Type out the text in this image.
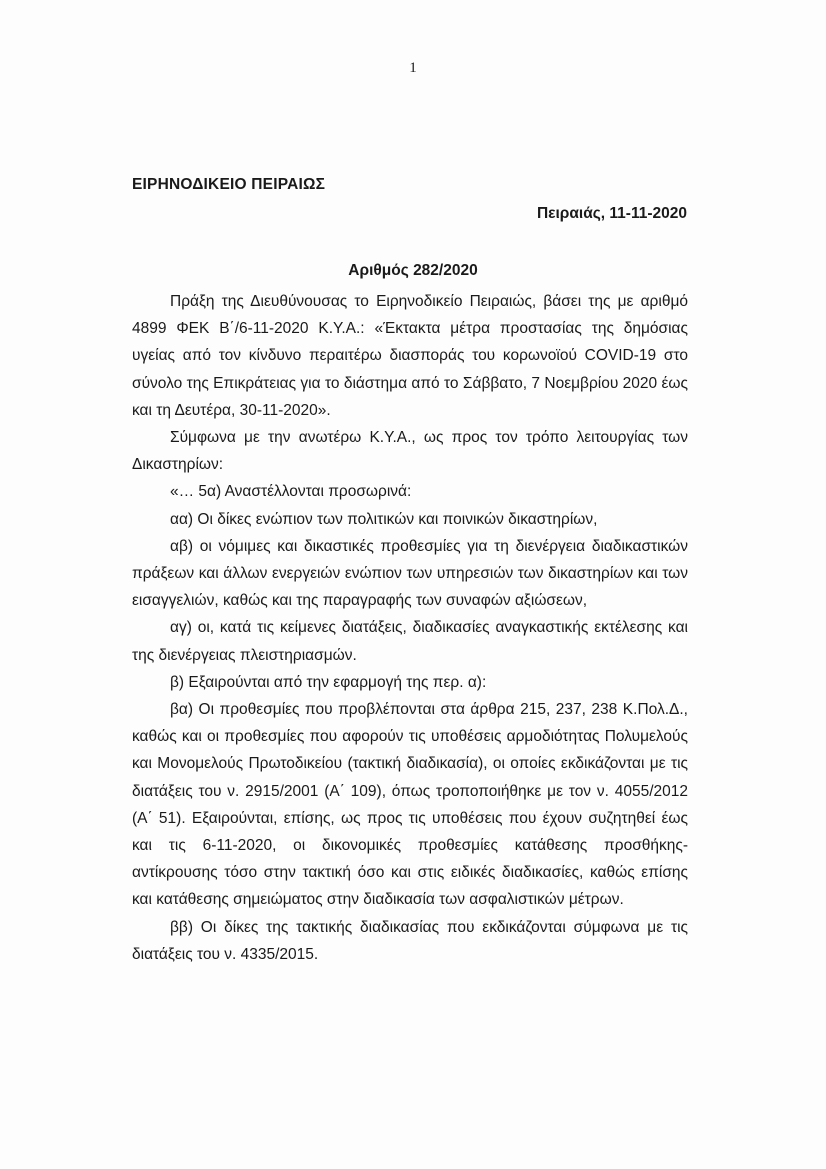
1
ΕΙΡΗΝΟΔΙΚΕΙΟ ΠΕΙΡΑΙΩΣ
Πειραιάς, 11-11-2020
Αριθμός 282/2020

Πράξη της Διευθύνουσας το Ειρηνοδικείο Πειραιώς, βάσει της με αριθμό 4899 ΦΕΚ Β΄/6-11-2020 Κ.Υ.Α.: «Έκτακτα μέτρα προστασίας της δημόσιας υγείας από τον κίνδυνο περαιτέρω διασποράς του κορωνοϊού COVID-19 στο σύνολο της Επικράτειας για το διάστημα από το Σάββατο, 7 Νοεμβρίου 2020 έως και τη Δευτέρα, 30-11-2020».

Σύμφωνα με την ανωτέρω Κ.Υ.Α., ως προς τον τρόπο λειτουργίας των Δικαστηρίων:

«… 5α) Αναστέλλονται προσωρινά:

αα) Οι δίκες ενώπιον των πολιτικών και ποινικών δικαστηρίων,

αβ) οι νόμιμες και δικαστικές προθεσμίες για τη διενέργεια διαδικαστικών πράξεων και άλλων ενεργειών ενώπιον των υπηρεσιών των δικαστηρίων και των εισαγγελιών, καθώς και της παραγραφής των συναφών αξιώσεων,

αγ) οι, κατά τις κείμενες διατάξεις, διαδικασίες αναγκαστικής εκτέλεσης και της διενέργειας πλειστηριασμών.

β) Εξαιρούνται από την εφαρμογή της περ. α):

βα) Οι προθεσμίες που προβλέπονται στα άρθρα 215, 237, 238 Κ.Πολ.Δ., καθώς και οι προθεσμίες που αφορούν τις υποθέσεις αρμοδιότητας Πολυμελούς και Μονομελούς Πρωτοδικείου (τακτική διαδικασία), οι οποίες εκδικάζονται με τις διατάξεις του ν. 2915/2001 (Α΄ 109), όπως τροποποιήθηκε με τον ν. 4055/2012 (Α΄ 51). Εξαιρούνται, επίσης, ως προς τις υποθέσεις που έχουν συζητηθεί έως και τις 6-11-2020, οι δικονομικές προθεσμίες κατάθεσης προσθήκης- αντίκρουσης τόσο στην τακτική όσο και στις ειδικές διαδικασίες, καθώς επίσης και κατάθεσης σημειώματος στην διαδικασία των ασφαλιστικών μέτρων.

ββ) Οι δίκες της τακτικής διαδικασίας που εκδικάζονται σύμφωνα με τις διατάξεις του ν. 4335/2015.
